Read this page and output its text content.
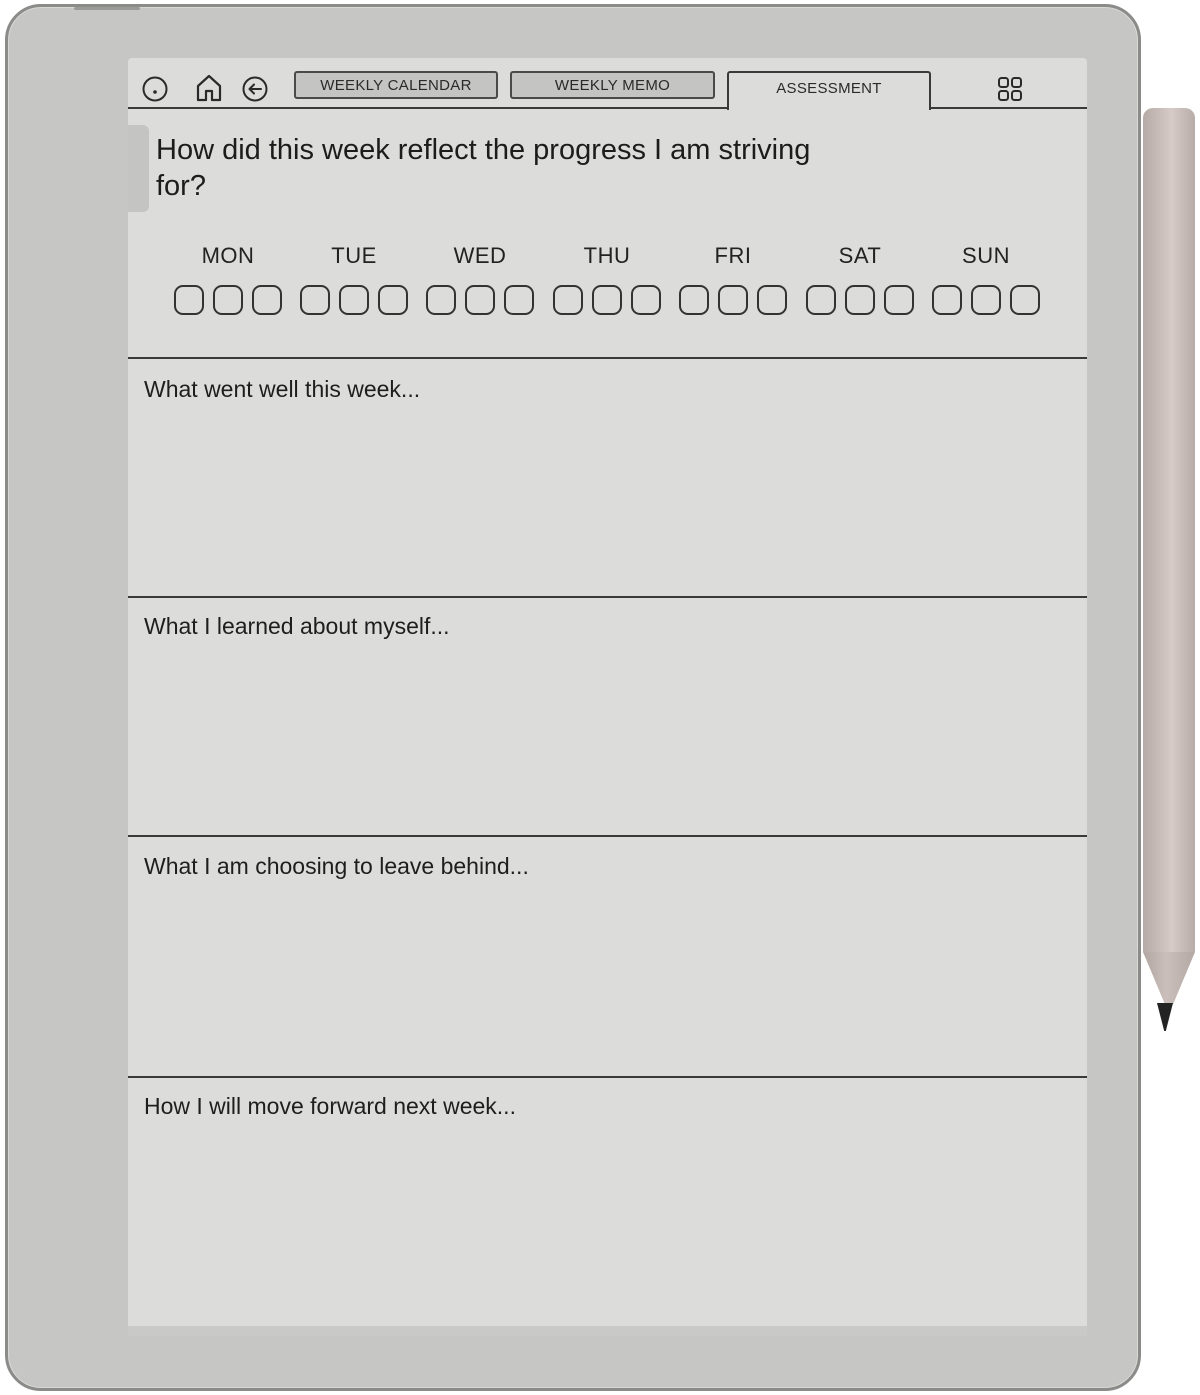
WEEKLY CALENDAR	WEEKLY MEMO	ASSESSMENT
How did this week reflect the progress I am striving for?
MON	TUE	WED	THU	FRI	SAT	SUN
What went well this week...
What I learned about myself...
What I am choosing to leave behind...
How I will move forward next week...
